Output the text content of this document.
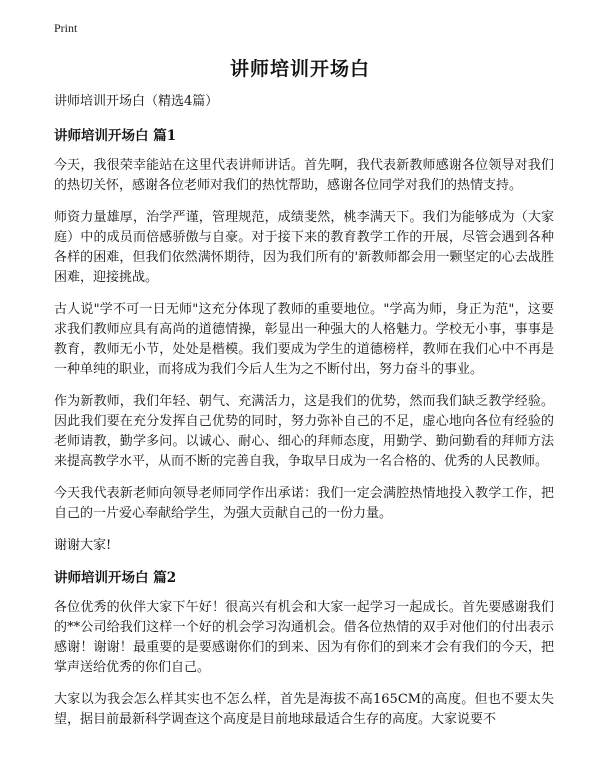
Print
讲师培训开场白
讲师培训开场白（精选4篇）
讲师培训开场白 篇1

今天，我很荣幸能站在这里代表讲师讲话。首先啊，我代表新教师感谢各位领导对我们的热切关怀，感谢各位老师对我们的热忱帮助，感谢各位同学对我们的热情支持。

师资力量雄厚，治学严谨，管理规范，成绩斐然，桃李满天下。我们为能够成为（大家庭）中的成员而倍感骄傲与自豪。对于接下来的教育教学工作的开展，尽管会遇到各种各样的困难，但我们依然满怀期待，因为我们所有的'新教师都会用一颗坚定的心去战胜困难，迎接挑战。

古人说"学不可一日无师"这充分体现了教师的重要地位。"学高为师，身正为范"，这要求我们教师应具有高尚的道德情操，彰显出一种强大的人格魅力。学校无小事，事事是教育，教师无小节，处处是楷模。我们要成为学生的道德榜样，教师在我们心中不再是一种单纯的职业，而将成为我们今后人生为之不断付出，努力奋斗的事业。

作为新教师，我们年轻、朝气、充满活力，这是我们的优势，然而我们缺乏教学经验。因此我们要在充分发挥自己优势的同时，努力弥补自己的不足，虚心地向各位有经验的老师请教，勤学多问。以诚心、耐心、细心的拜师态度，用勤学、勤问勤看的拜师方法来提高教学水平，从而不断的完善自我，争取早日成为一名合格的、优秀的人民教师。

今天我代表新老师向领导老师同学作出承诺：我们一定会满腔热情地投入教学工作，把自己的一片爱心奉献给学生，为强大贡献自己的一份力量。

谢谢大家!

讲师培训开场白 篇2

各位优秀的伙伴大家下午好！很高兴有机会和大家一起学习一起成长。首先要感谢我们的**公司给我们这样一个好的机会学习沟通机会。借各位热情的双手对他们的付出表示感谢！谢谢！最重要的是要感谢你们的到来、因为有你们的到来才会有我们的今天，把掌声送给优秀的你们自己。

大家以为我会怎么样其实也不怎么样，首先是海拔不高165CM的高度。但也不要太失望，据目前最新科学调查这个高度是目前地球最适合生存的高度。大家说要不
